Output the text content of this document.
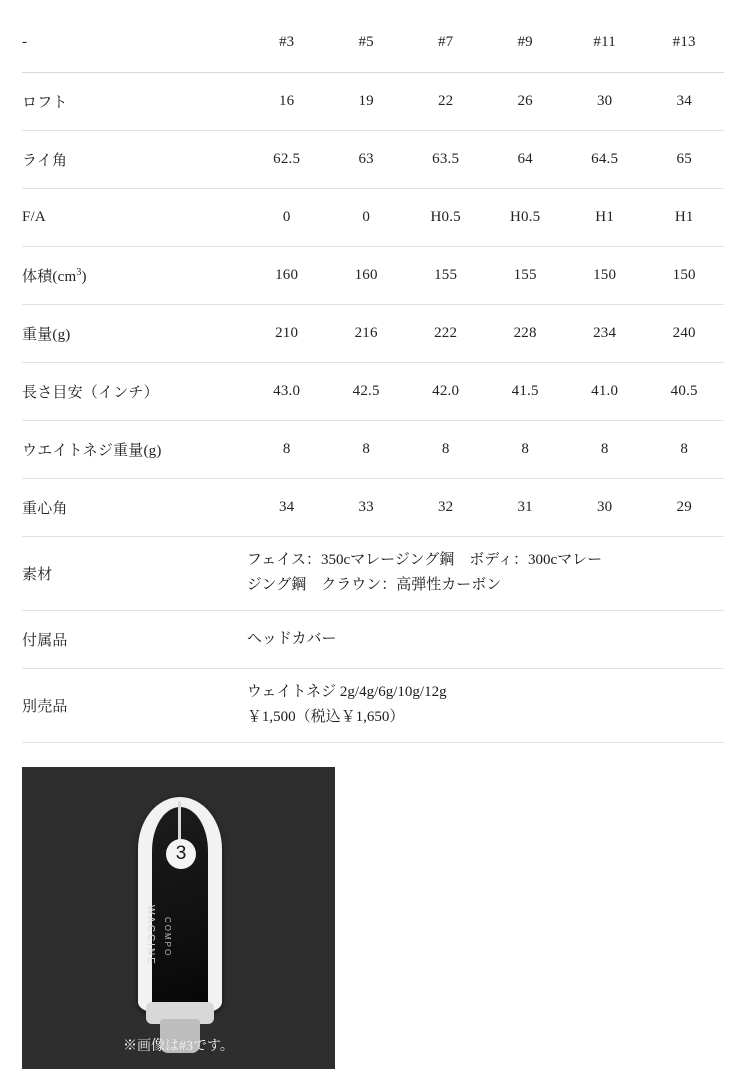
-	#3	#5	#7	#9	#11	#13
ロフト	16	19	22	26	30	34
ライ角	62.5	63	63.5	64	64.5	65
F/A	0	0	H0.5	H0.5	H1	H1
体積$(cm^3)$	160	160	155	155	150	150
重量(g)	210	216	222	228	234	240
長さ目安（インチ）	43.0	42.5	42.0	41.5	41.0	40.5
ウエイトネジ重量(g)	8	8	8	8	8	8
重心角	34	33	32	31	30	29
素材	フェイス：350cマレージング鋼　ボディ：300cマレー
ジング鋼　クラウン：高弾性カーボン					

付属品	ヘッドカバー					
別売品	ウェイトネジ 2g/4g/6g/10g/12g
￥1,500（税込￥1,650）					
3
WACCINE COMPO
※画像は#3です。
